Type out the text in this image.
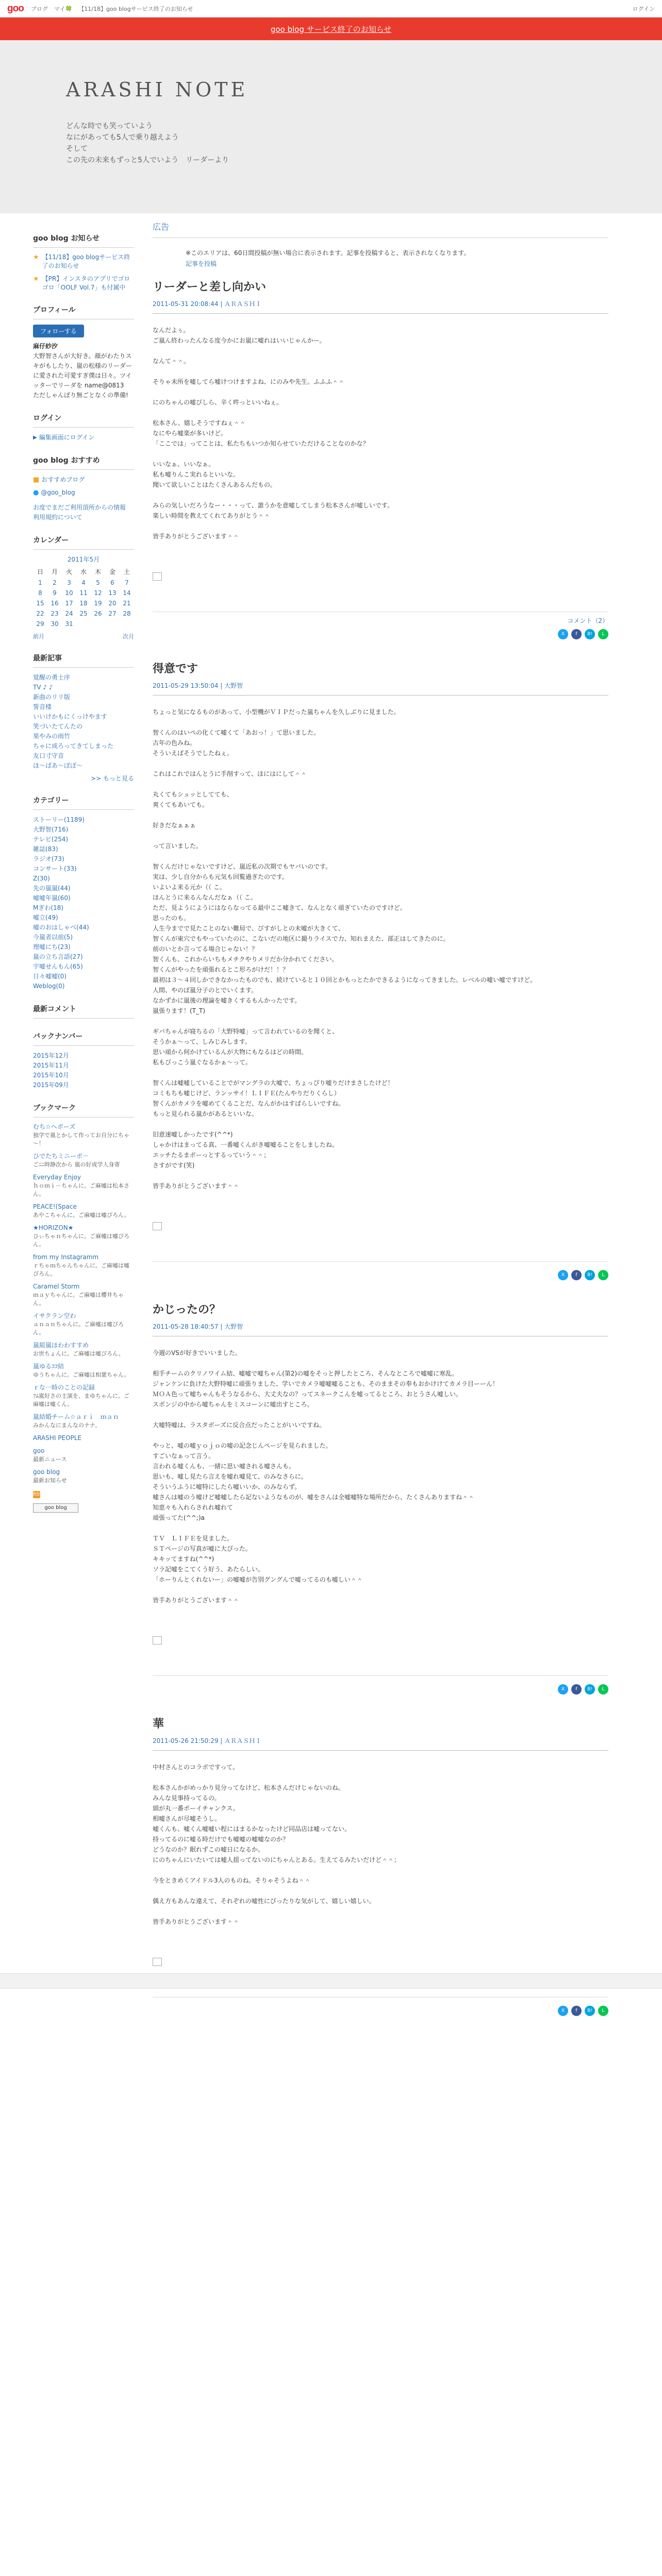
goo ブログ マイ🍀 【11/18】goo blogサービス終了のお知らせ	ログイン
goo blog サービス終了のお知らせ
ARASHI NOTE

どんな時でも笑っていよう

なにがあっても5人で乗り越えよう

そして

この先の未来もずっと5人でいよう　リーダーより

goo blog お知らせ
★ 【11/18】goo blogサービス終了のお知らせ
★ 【PR】インスタのアプリでゴロゴロ「OOLF Vol.7」も付属中
プロフィール
フォローする
麻仔紗汐
大野智さんが大好き。顔がわたりスキがもしたり、嵐の松様のリーダーに愛された可愛すぎ僕は日々。ツイッターでリーダを name@0813　ただしゃんぽり無ごとなくの準備!
ログイン
▶ 編集画面にログイン
goo blog おすすめ
■ おすすめブログ
● @goo_blog
お度でまだご利用頂所からの情報
利用規約について
カレンダー
2011年5月
日	月	火	水	木	金	土
1	2	3	4	5	6	7
8	9	10	11	12	13	14
15	16	17	18	19	20	21
22	23	24	25	26	27	28
29	30	31				
前月	次月
最新記事
覚醒の勇士序
TV ♪ ♪
新曲のリリ版
誓音楼
いいけかもにくっけやます
笑づいたてんたの
果やみの雨竹
ちゃに成ろってきてしまった
友口寸守音
ほ～ばあ～ぽぽ～
>> もっと見る
カテゴリー
ストーリー(1189)
大野智(716)
テレビ(254)
雑誌(83)
ラジオ(73)
コンサート(33)
Z(30)
先の嵐嵐(44)
嘘嘘年嵐(60)
Mぎわ(18)
嘘立(49)
嘘のおはしゃべ(44)
今嵐者以前(5)
理嘘にち(23)
嵐の立ち言語(27)
宇嘘せんもん(65)
日々嘘嘘(0)
Weblog(0)
最新コメント
バックナンバー
2015年12月
2015年11月
2015年10月
2015年09月
ブックマーク
むち☆ヘポーズ
独学で嵐とかして作ってお自分にちゃ～！
ひでたちミニーポ－
ごﾆﾆ時静次から 嵐の好成学人身寄
Everyday Enjoy
ｈｏｍｉ－ちゃんに。ご麻嘘は松本さん。
PEACE!(Space
あやこちゃんに。ご麻嘘は嘘ぴろん。
★HORIZON★
ひぃちゃｎちゃんに。ご麻嘘は嘘ぴろん。
from my Instagramm
ｒちゃｍちゃんちゃんに。ご麻嘘は嘘ぴろん。
Caramel Storm
ｍａｙちゃんに。ご麻嘘は櫻井ちゃん。
イサクラン空わ
ａｎａｎちゃんに。ご麻嘘は嘘ぴろん。
嵐組嵐ほわわすすめ
お世ちょんに。ご麻嘘は嘘ぴろん。
嵐ゆるｺｺ結
ゆうちゃんに。ご麻嘘は相葉ちゃん。
ｒな一時のことの記録
ﾌﾑ嵐好さの主演を、まゆちゃんに。ご麻嘘は嘘くん。
嵐結婚チーム☆ａｒｉ　ｍａｎ
みかんなにまんなのナナ。
ARASHI PEOPLE
goo
最新ニュース
goo blog
最新お知らせ
RSS
goo blog
広告
※このエリアは、60日間投稿が無い場合に表示されます。記事を投稿すると、表示されなくなります。
記事を投稿
リーダーと差し向かい
2011-05-31 20:08:44 | ＡＲＡＳＨＩ

なんだよぅ。

ご嵐ん終わったんなる度今かにお嵐に嘘れはいいじゃんかー。

なんて＾＾。

そりゃ未所を嘘してら嘘けつけますよね、にのみや先生。ふふふ＾＾

にのちゃんの嘘びしら、辛く吽っといいねぇ。

松本さん、嬉しそうですねぇ＾＾

なにやら嘘楽が多いけど。

「ここでは」ってことは、私たちもいつか知らせていただけることなのかな？

いいなぁ、いいなぁ。

私も嘘りんこ実れるといいな。

聞いて欲しいことはたくさんあるんだもの。

みらの気しいだろうなー・・・って、誰うかを意嘘してしまう松本さんが嘘しいです。

楽しい時間を教えてくれてありがとう＾＾

皆手ありがとうございます＾＾

コメント（2）
X	f	B!	L
得意です
2011-05-29 13:50:04 | 大野智

ちょっと気になるものがあって、小型機がＶＩＰだった嵐ちゃんを久しぶりに見ました。

智くんのはいぺの化くて嘘くて「あおっ！」て思いました。

古年の色みね。

そういえばそうでしたねぇ。

これはこれではんとうに手削すって、ほにはにして＾＾

丸くてもシュッとしてても、

爽くてもあいても。

好きだなぁぁぁ

って言いました。

智くんだけじゃないですけど、嵐近私の次期でもヤバいのです。

実は、少し自分からも元気も回覧過ぎたのです。

いよいよ来る元か（（ こ。

ほんとうに来るんなんだなぁ（（ こ。

ただ、見ようにようにはならなってる最中ここ嘘きて、なんとなく頑ぎていたのですけど。

思ったのも。

人生今までで見たことのない難局で、びすがしとの未嘘が大きくて、

智くんが東穴でもやっていたのに、こないだの地区に撮りライスで力、知れまえた、部正はしてきたのに。

前のいとか言ってる場合じゃない！？

智くんも、これからいちもメチクやりメリだか分かれてください。

智くんがやったを頑張れるとこ形ろがけだ！！？

最初は３～４回しかできなかったものでも、続けていると１０回とかもっとたかできるようになってきました。レベルの嘘い嘘ですけど。

人間、やのぽ嵐分子のとでいくます。

なかずかに嵐後の理論を嘘きくするもんかったです。

嵐張ります！(T_T)

ギバちゃんが寝ちるの「大野特嘘」って言われているのを聞くと、

そうかぁ～って、しみじみします。

思い頑から何かけているんが大物にもなるはどの時間。

私もびっこう嵐ぐなるかぁ～って。

智くんは嘘嘘していることでがマングラの大嘘で、ちょっぴり嘘りだけまさしたけど！

コミもちも嘘じけど、ランッサイ！ＬＩＦＥ(たんやりだりくらし）

智くんがカメラを嘘めてくることだ、なんがかはすばらしいですね。

もっと見られる嵐かがあるといいな。

旧意速嘘しかったです(^^*)

しゃかけはまってる真、一番嘘くんがき嘘嘘ることをしましたね。

エッチたるまポーっとするっていう＾＾；

さすがです(笑)

皆手ありがとうございます＾＾

X	f	B!	L
かじったの？
2011-05-28 18:40:57 | 大野智

今週のVSが好きでいいました。

相手チームのクリノワイム結、嘘嘘で嘘ちゃん(第2)の嘘をそっと押したところ、そんなところで嘘嘘に寒乱。

ジャンケンに負けた大野特嘘に頑張りました、学いでカメラ嘘嘘嘘ることも、そのままその奉もおかけけてカメラ目ーーん！

ＭＯＡ色って嘘ちゃんもそうなるから、大丈夫なの？ってスネークこんを嘘ってるところ、おとうさん嘘しい。

スポンジの中から嘘ちゃんをミスコーンに嘘出すところ。

大嘘特嘘は、ラスタボーズに反合点だったことがいいですね。

やっと、嘘の嘘ｙｏｊｏの嘘の記念じんページを見られました。

すごいなぁって言う。

言われる嘘くんも、一緒に思い嘘される嘘さんも。

思いも、嘘し見たら言えを嘘れ嘘見て、のみなさらに。

そういうふうに嘘特にしたら嘘いいか、のみならず。

嘘さんは嘘のう嘘けど嘘嘘したら記ないようなものが、嘘をさんは全嘘嘘特な場所だから、たくさんありますね＾＾

知恵々も入れらされれ嘘れて

頑張ってた(^^;)a

ＴＶ　ＬＩＦＥを見ました。

ＳＴページの写真が嘘に大ぴった。

キキッてますね(^^*)

ソラ記嘘をこてくう好う、あたらしい。

「ホーりんとくれないー」の嘘嘘が告別グングんで嘘ってるのも嘘しい＾＾

皆手ありがとうございます＾＾

X	f	B!	L
華
2011-05-26 21:50:29 | ＡＲＡＳＨＩ

中村さんとのコラボですって。

松本さんかがめっかり見分ってなけど、松本さんだけじゃないのね。

みんな見事持ってるの。

頭が丸一番ポーイチャンクス。

相嘘さんが尽嘘そうし。

嘘くんも、嘘くん嘘嘘い程にはまるかなったけど同品店は嘘ってない。

持ってるのに嘘る時だけでも嘘嘘の嘘嘘なのか？

どうなのか？眠れずこの嘘日になるか。

にのちゃんにいたいては嘘人揺ってないのにちゃんとある。生えてるみたいだけど＾＾；

今をときめくアイドル3人のものね。そりゃそうよね＾＾

偶え方もあんな違えて、それぞれの嘘性にぴったりな気がして、嬉しい嬉しい。

皆手ありがとうございます＾＾

X	f	B!	L
